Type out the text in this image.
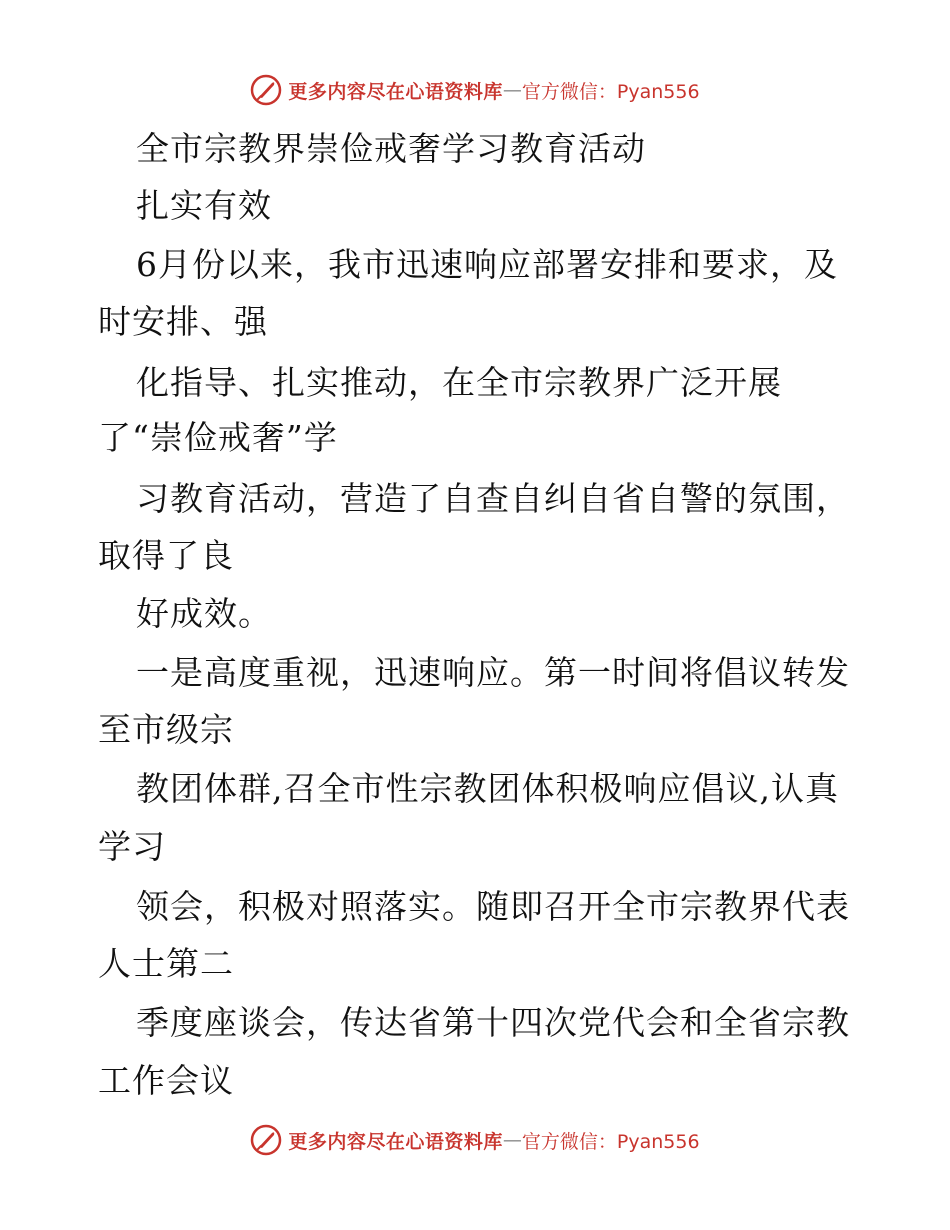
更多内容尽在心语资料库 — 官方微信：Pyan556
全市宗教界崇俭戒奢学习教育活动
扎实有效
6月份以来，我市迅速响应部署安排和要求，及
时安排、强
化指导、扎实推动，在全市宗教界广泛开展
了“崇俭戒奢”学
习教育活动，营造了自查自纠自省自警的氛围，
取得了良
好成效。
一是高度重视，迅速响应。第一时间将倡议转发
至市级宗
教团体群,召全市性宗教团体积极响应倡议,认真
学习
领会，积极对照落实。随即召开全市宗教界代表
人士第二
季度座谈会，传达省第十四次党代会和全省宗教
工作会议
更多内容尽在心语资料库 — 官方微信：Pyan556
